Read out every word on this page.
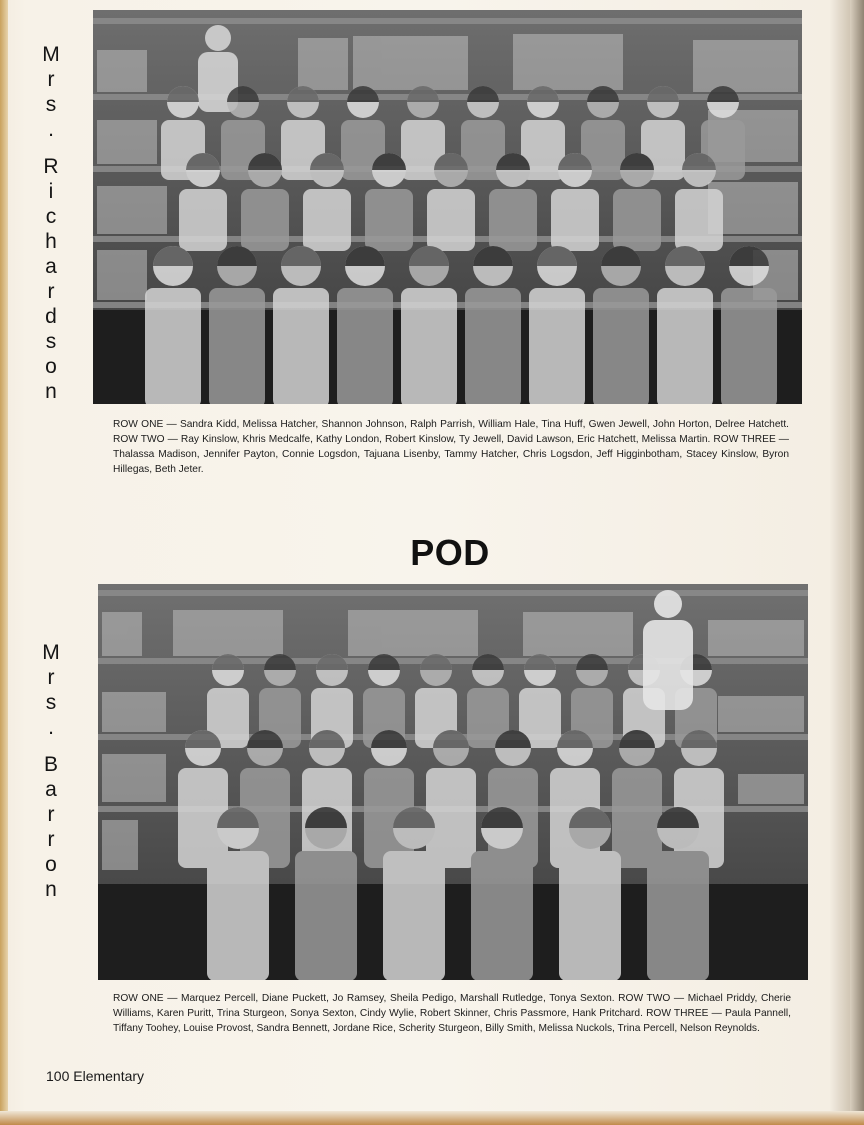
M
r
s
.
R
i
c
h
a
r
d
s
o
n
ROW ONE — Sandra Kidd, Melissa Hatcher, Shannon Johnson, Ralph Parrish, William Hale, Tina Huff, Gwen Jewell, John Horton, Delree Hatchett. ROW TWO — Ray Kinslow, Khris Medcalfe, Kathy London, Robert Kinslow, Ty Jewell, David Lawson, Eric Hatchett, Melissa Martin. ROW THREE — Thalassa Madison, Jennifer Payton, Connie Logsdon, Tajuana Lisenby, Tammy Hatcher, Chris Logsdon, Jeff Higginbotham, Stacey Kinslow, Byron Hillegas, Beth Jeter.
POD
M
r
s
.
B
a
r
r
o
n
ROW ONE — Marquez Percell, Diane Puckett, Jo Ramsey, Sheila Pedigo, Marshall Rutledge, Tonya Sexton. ROW TWO — Michael Priddy, Cherie Williams, Karen Puritt, Trina Sturgeon, Sonya Sexton, Cindy Wylie, Robert Skinner, Chris Passmore, Hank Pritchard. ROW THREE — Paula Pannell, Tiffany Toohey, Louise Provost, Sandra Bennett, Jordane Rice, Scherity Sturgeon, Billy Smith, Melissa Nuckols, Trina Percell, Nelson Reynolds.
100 Elementary
